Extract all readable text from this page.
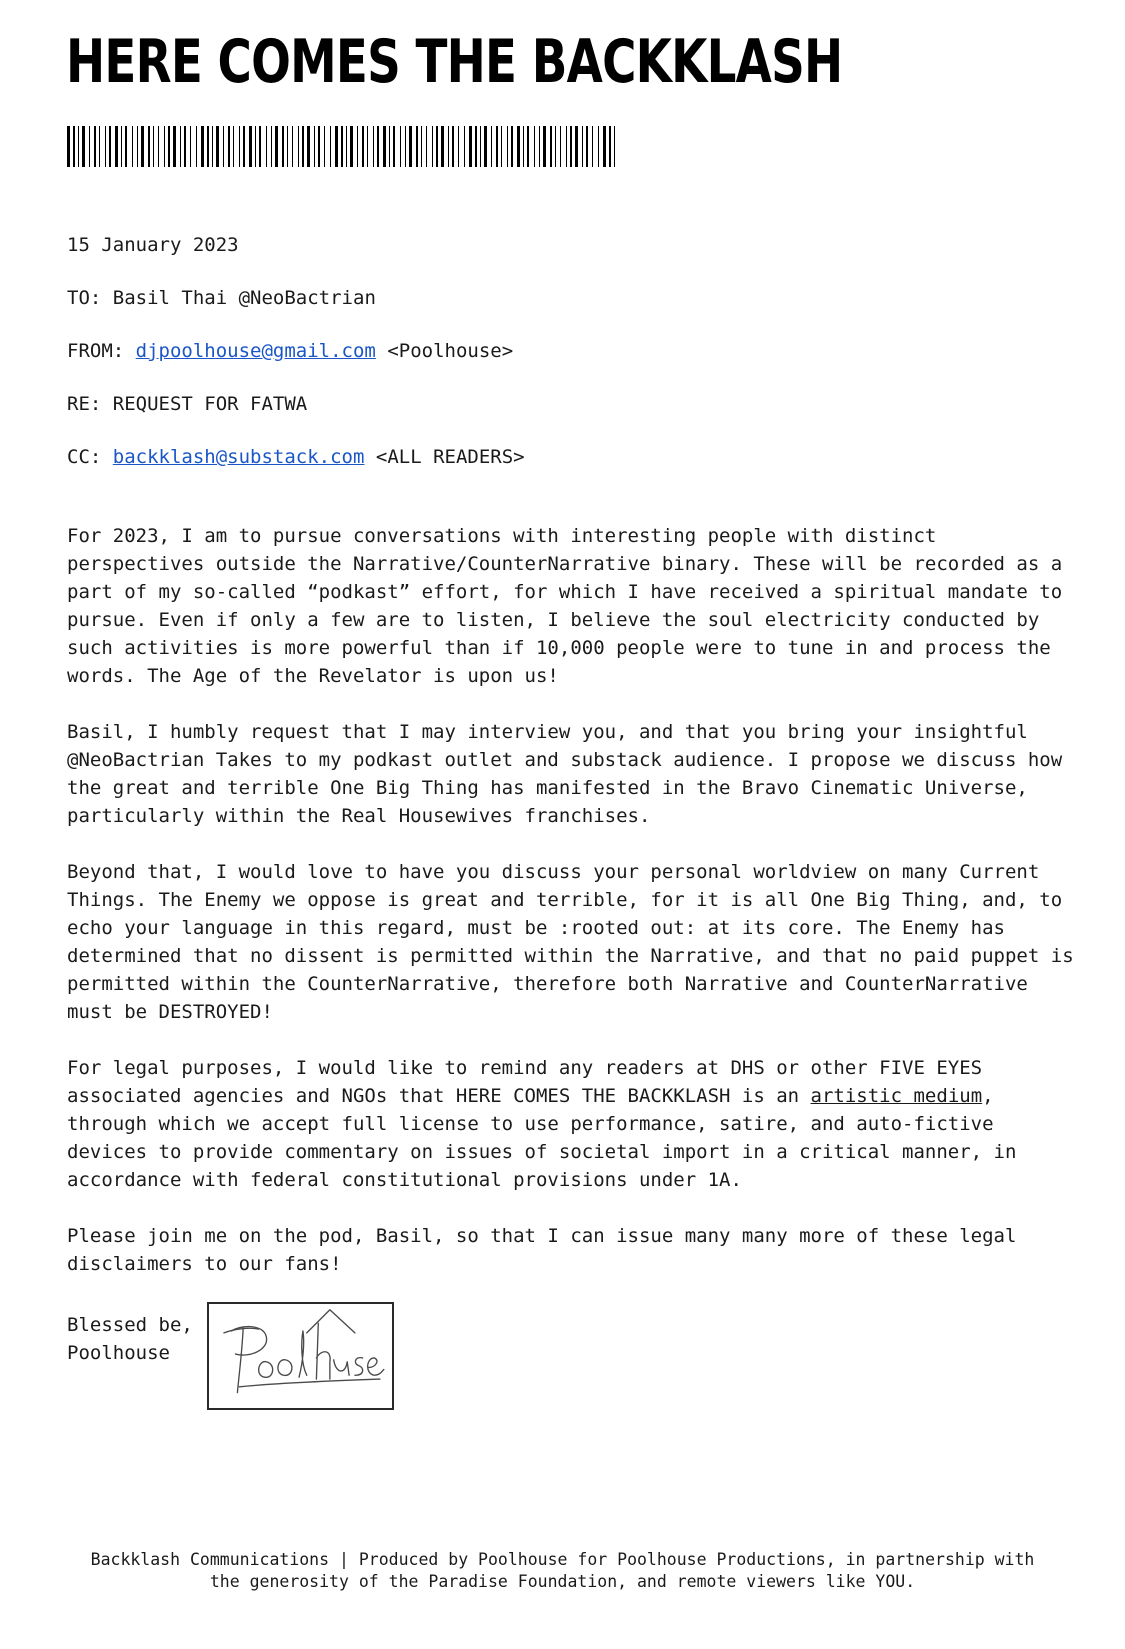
HERE COMES THE BACKKLASH
15 January 2023
TO: Basil Thai @NeoBactrian
FROM: djpoolhouse@gmail.com <Poolhouse>
RE: REQUEST FOR FATWA
CC: backklash@substack.com <ALL READERS>

For 2023, I am to pursue conversations with interesting people with distinct perspectives outside the Narrative/CounterNarrative binary. These will be recorded as a part of my so-called “podkast” effort, for which I have received a spiritual mandate to pursue. Even if only a few are to listen, I believe the soul electricity conducted by such activities is more powerful than if 10,000 people were to tune in and process the words. The Age of the Revelator is upon us!

Basil, I humbly request that I may interview you, and that you bring your insightful @NeoBactrian Takes to my podkast outlet and substack audience. I propose we discuss how the great and terrible One Big Thing has manifested in the Bravo Cinematic Universe, particularly within the Real Housewives franchises.

Beyond that, I would love to have you discuss your personal worldview on many Current Things. The Enemy we oppose is great and terrible, for it is all One Big Thing, and, to echo your language in this regard, must be :rooted out: at its core. The Enemy has determined that no dissent is permitted within the Narrative, and that no paid puppet is permitted within the CounterNarrative, therefore both Narrative and CounterNarrative must be DESTROYED!

For legal purposes, I would like to remind any readers at DHS or other FIVE EYES associated agencies and NGOs that HERE COMES THE BACKKLASH is an artistic medium, through which we accept full license to use performance, satire, and auto-fictive devices to provide commentary on issues of societal import in a critical manner, in accordance with federal constitutional provisions under 1A.

Please join me on the pod, Basil, so that I can issue many many more of these legal disclaimers to our fans!

Blessed be,
Poolhouse
Backklash Communications | Produced by Poolhouse for Poolhouse Productions, in partnership with
the generosity of the Paradise Foundation, and remote viewers like YOU.
